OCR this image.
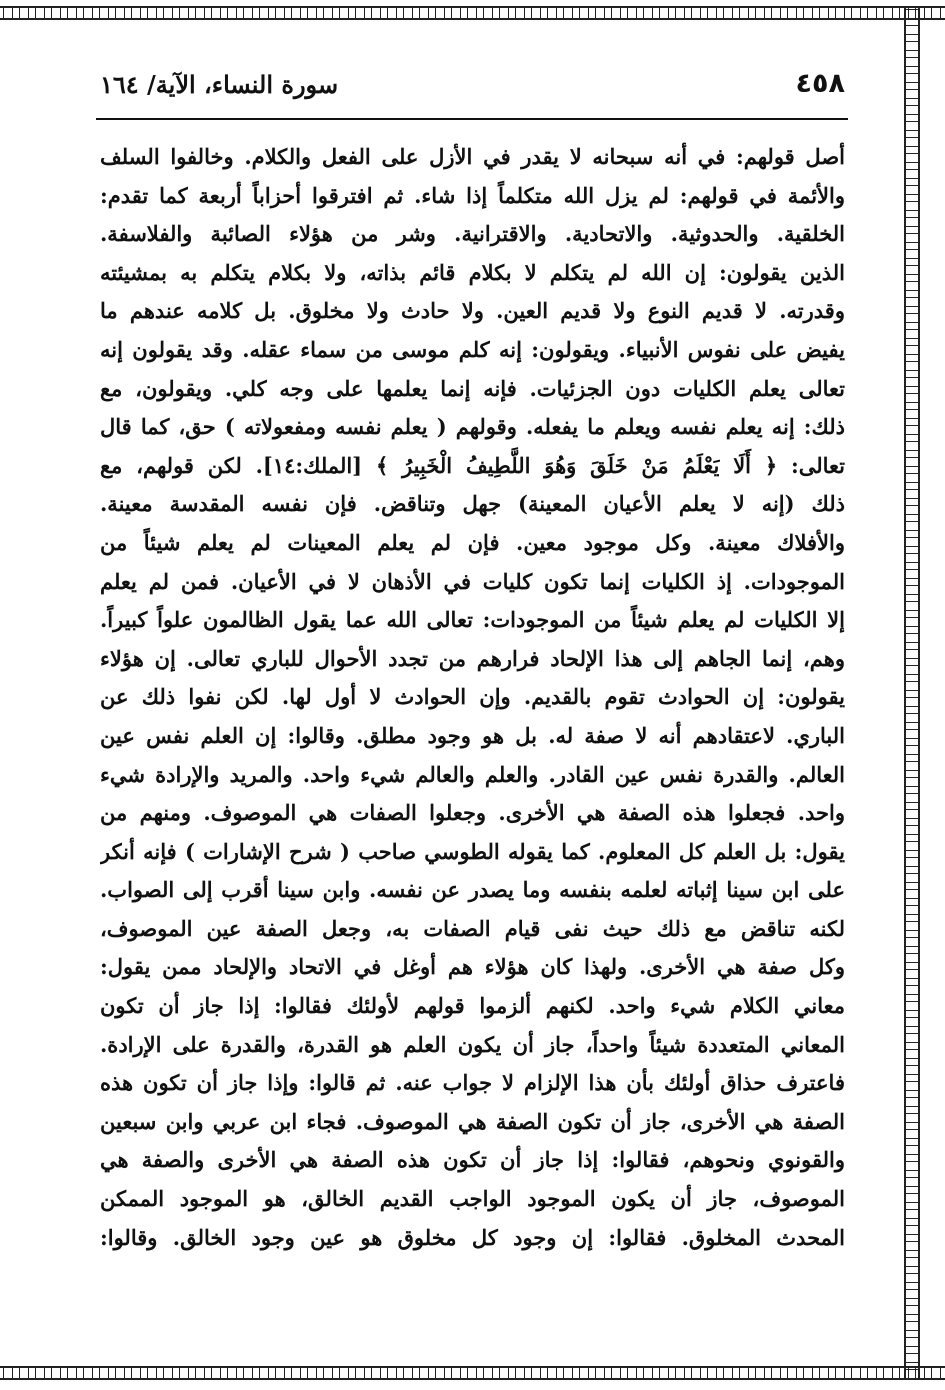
٤٥٨
سورة النساء، الآية/ ١٦٤
أصل قولهم: في أنه سبحانه لا يقدر في الأزل على الفعل والكلام. وخالفوا السلف
والأئمة في قولهم: لم يزل الله متكلماً إذا شاء. ثم افترقوا أحزاباً أربعة كما تقدم:
الخلقية. والحدوثية. والاتحادية. والاقترانية. وشر من هؤلاء الصائبة والفلاسفة.
الذين يقولون: إن الله لم يتكلم لا بكلام قائم بذاته، ولا بكلام يتكلم به بمشيئته
وقدرته. لا قديم النوع ولا قديم العين. ولا حادث ولا مخلوق. بل كلامه عندهم ما
يفيض على نفوس الأنبياء. ويقولون: إنه كلم موسى من سماء عقله. وقد يقولون إنه
تعالى يعلم الكليات دون الجزئيات. فإنه إنما يعلمها على وجه كلي. ويقولون، مع
ذلك: إنه يعلم نفسه ويعلم ما يفعله. وقولهم ( يعلم نفسه ومفعولاته ) حق، كما قال
تعالى: ﴿ أَلَا يَعْلَمُ مَنْ خَلَقَ وَهُوَ اللَّطِيفُ الْخَبِيرُ ﴾ [الملك:١٤]. لكن قولهم، مع
ذلك (إنه لا يعلم الأعيان المعينة) جهل وتناقض. فإن نفسه المقدسة معينة.
والأفلاك معينة. وكل موجود معين. فإن لم يعلم المعينات لم يعلم شيئاً من
الموجودات. إذ الكليات إنما تكون كليات في الأذهان لا في الأعيان. فمن لم يعلم
إلا الكليات لم يعلم شيئاً من الموجودات: تعالى الله عما يقول الظالمون علواً كبيراً.
وهم، إنما الجاهم إلى هذا الإلحاد فرارهم من تجدد الأحوال للباري تعالى. إن هؤلاء
يقولون: إن الحوادث تقوم بالقديم. وإن الحوادث لا أول لها. لكن نفوا ذلك عن
الباري. لاعتقادهم أنه لا صفة له. بل هو وجود مطلق. وقالوا: إن العلم نفس عين
العالم. والقدرة نفس عين القادر. والعلم والعالم شيء واحد. والمريد والإرادة شيء
واحد. فجعلوا هذه الصفة هي الأخرى. وجعلوا الصفات هي الموصوف. ومنهم من
يقول: بل العلم كل المعلوم. كما يقوله الطوسي صاحب ( شرح الإشارات ) فإنه أنكر
على ابن سينا إثباته لعلمه بنفسه وما يصدر عن نفسه. وابن سينا أقرب إلى الصواب.
لكنه تناقض مع ذلك حيث نفى قيام الصفات به، وجعل الصفة عين الموصوف،
وكل صفة هي الأخرى. ولهذا كان هؤلاء هم أوغل في الاتحاد والإلحاد ممن يقول:
معاني الكلام شيء واحد. لكنهم ألزموا قولهم لأولئك فقالوا: إذا جاز أن تكون
المعاني المتعددة شيئاً واحداً، جاز أن يكون العلم هو القدرة، والقدرة على الإرادة.
فاعترف حذاق أولئك بأن هذا الإلزام لا جواب عنه. ثم قالوا: وإذا جاز أن تكون هذه
الصفة هي الأخرى، جاز أن تكون الصفة هي الموصوف. فجاء ابن عربي وابن سبعين
والقونوي ونحوهم، فقالوا: إذا جاز أن تكون هذه الصفة هي الأخرى والصفة هي
الموصوف، جاز أن يكون الموجود الواجب القديم الخالق، هو الموجود الممكن
المحدث المخلوق. فقالوا: إن وجود كل مخلوق هو عين وجود الخالق. وقالوا:
